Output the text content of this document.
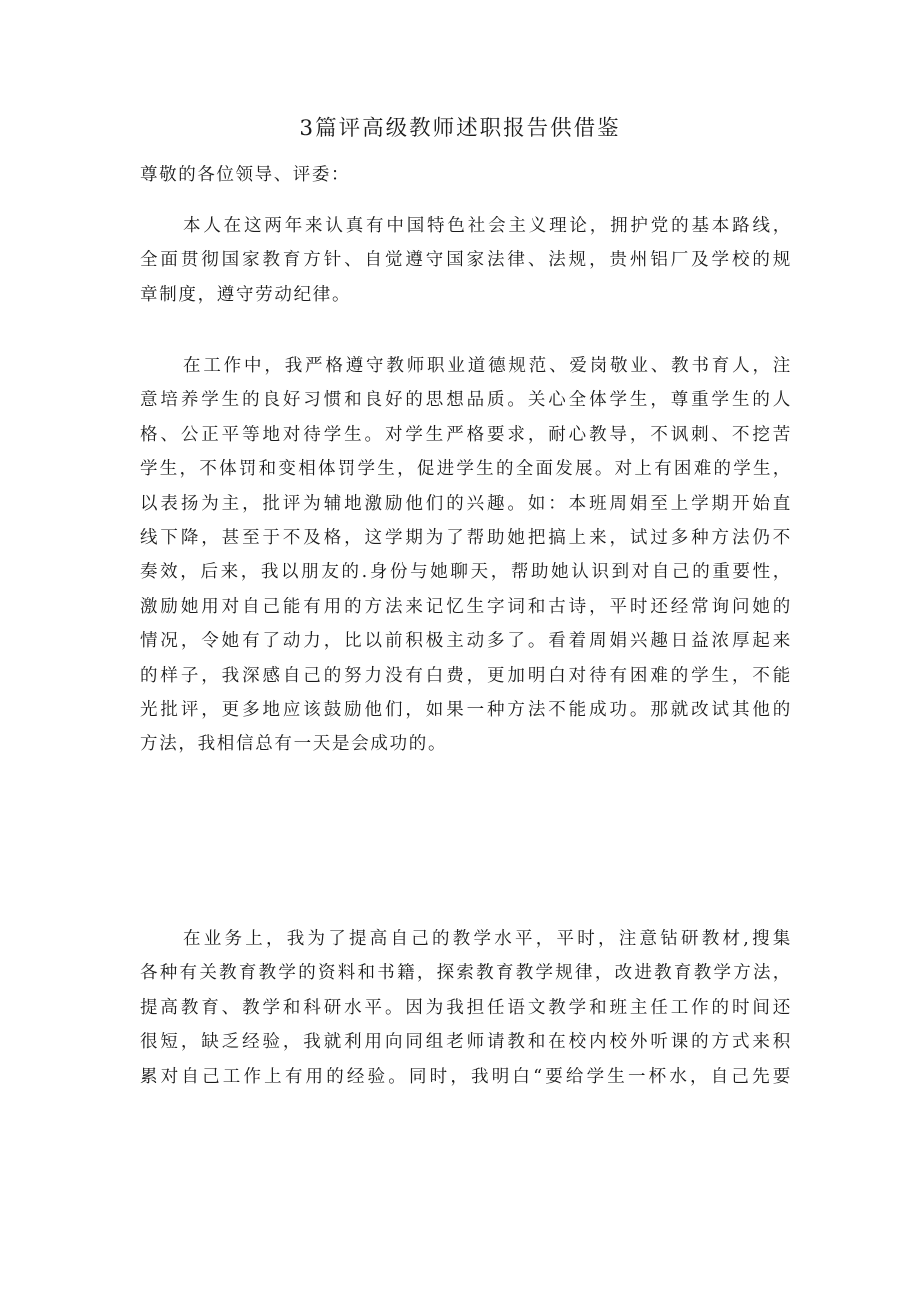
3篇评高级教师述职报告供借鉴

尊敬的各位领导、评委：

本人在这两年来认真有中国特色社会主义理论，拥护党的基本路线，
全面贯彻国家教育方针、自觉遵守国家法律、法规，贵州铝厂及学校的规
章制度，遵守劳动纪律。
在工作中，我严格遵守教师职业道德规范、爱岗敬业、教书育人，注
意培养学生的良好习惯和良好的思想品质。关心全体学生，尊重学生的人
格、公正平等地对待学生。对学生严格要求，耐心教导，不讽刺、不挖苦
学生，不体罚和变相体罚学生，促进学生的全面发展。对上有困难的学生，
以表扬为主，批评为辅地激励他们的兴趣。如：本班周娟至上学期开始直
线下降，甚至于不及格，这学期为了帮助她把搞上来，试过多种方法仍不
奏效，后来，我以朋友的.身份与她聊天，帮助她认识到对自己的重要性，
激励她用对自己能有用的方法来记忆生字词和古诗，平时还经常询问她的
情况，令她有了动力，比以前积极主动多了。看着周娟兴趣日益浓厚起来
的样子，我深感自己的努力没有白费，更加明白对待有困难的学生，不能
光批评，更多地应该鼓励他们，如果一种方法不能成功。那就改试其他的
方法，我相信总有一天是会成功的。
在业务上，我为了提高自己的教学水平，平时，注意钻研教材,搜集
各种有关教育教学的资料和书籍，探索教育教学规律，改进教育教学方法，
提高教育、教学和科研水平。因为我担任语文教学和班主任工作的时间还
很短，缺乏经验，我就利用向同组老师请教和在校内校外听课的方式来积
累对自己工作上有用的经验。同时，我明白“要给学生一杯水，自己先要
